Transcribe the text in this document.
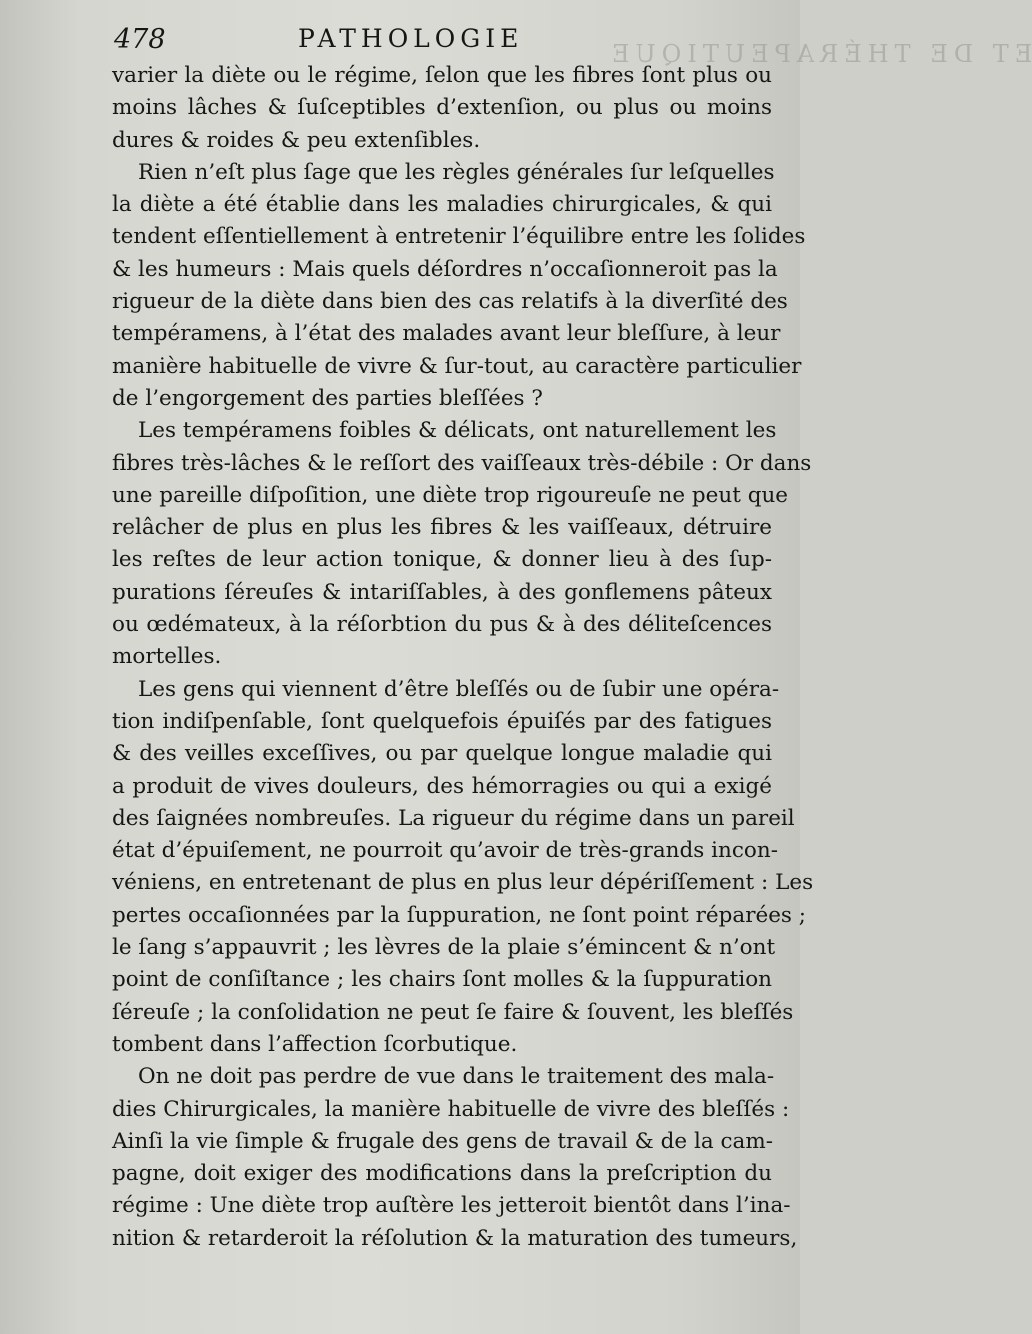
ET DE THÉRAPEUTIQUE
478	PATHOLOGIE
varier la diète ou le régime, ſelon que les fibres ſont plus ou
moins lâches & ſuſceptibles d’extenſion, ou plus ou moins
dures & roides & peu extenſibles.
Rien n’eſt plus ſage que les règles générales ſur leſquelles
la diète a été établie dans les maladies chirurgicales, & qui
tendent eſſentiellement à entretenir l’équilibre entre les ſolides
& les humeurs : Mais quels déſordres n’occaſionneroit pas la
rigueur de la diète dans bien des cas relatifs à la diverſité des
tempéramens, à l’état des malades avant leur bleſſure, à leur
manière habituelle de vivre & ſur-tout, au caractère particulier
de l’engorgement des parties bleſſées ?
Les tempéramens foibles & délicats, ont naturellement les
fibres très-lâches & le reſſort des vaiſſeaux très-débile : Or dans
une pareille diſpoſition, une diète trop rigoureuſe ne peut que
relâcher de plus en plus les fibres & les vaiſſeaux, détruire
les reſtes de leur action tonique, & donner lieu à des ſup-
purations ſéreuſes & intariſſables, à des gonflemens pâteux
ou œdémateux, à la réſorbtion du pus & à des déliteſcences
mortelles.
Les gens qui viennent d’être bleſſés ou de ſubir une opéra-
tion indiſpenſable, ſont quelquefois épuiſés par des fatigues
& des veilles exceſſives, ou par quelque longue maladie qui
a produit de vives douleurs, des hémorragies ou qui a exigé
des ſaignées nombreuſes. La rigueur du régime dans un pareil
état d’épuiſement, ne pourroit qu’avoir de très-grands incon-
véniens, en entretenant de plus en plus leur dépériſſement : Les
pertes occaſionnées par la ſuppuration, ne ſont point réparées ;
le ſang s’appauvrit ; les lèvres de la plaie s’émincent & n’ont
point de conſiſtance ; les chairs ſont molles & la ſuppuration
ſéreuſe ; la conſolidation ne peut ſe faire & ſouvent, les bleſſés
tombent dans l’affection ſcorbutique.
On ne doit pas perdre de vue dans le traitement des mala-
dies Chirurgicales, la manière habituelle de vivre des bleſſés :
Ainſi la vie ſimple & frugale des gens de travail & de la cam-
pagne, doit exiger des modifications dans la preſcription du
régime : Une diète trop auſtère les jetteroit bientôt dans l’ina-
nition & retarderoit la réſolution & la maturation des tumeurs,
